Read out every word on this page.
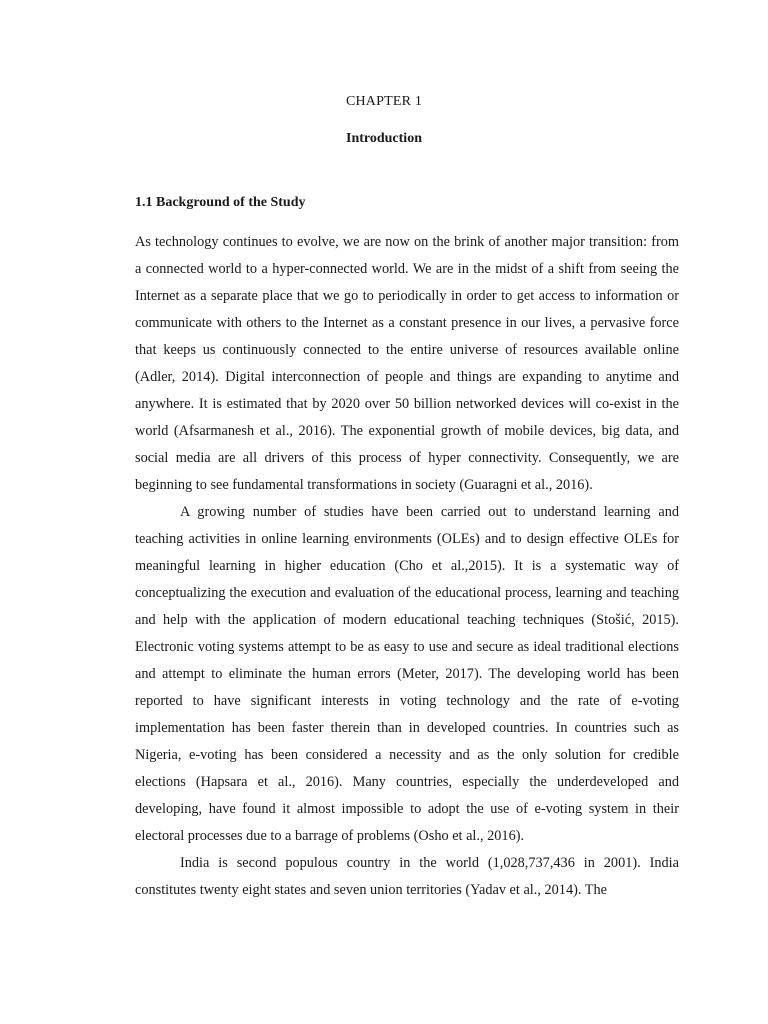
CHAPTER 1
Introduction
1.1 Background of the Study

As technology continues to evolve, we are now on the brink of another major transition: from a connected world to a hyper-connected world. We are in the midst of a shift from seeing the Internet as a separate place that we go to periodically in order to get access to information or communicate with others to the Internet as a constant presence in our lives, a pervasive force that keeps us continuously connected to the entire universe of resources available online (Adler, 2014). Digital interconnection of people and things are expanding to anytime and anywhere. It is estimated that by 2020 over 50 billion networked devices will co-exist in the world (Afsarmanesh et al., 2016). The exponential growth of mobile devices, big data, and social media are all drivers of this process of hyper connectivity. Consequently, we are beginning to see fundamental transformations in society (Guaragni et al., 2016).

A growing number of studies have been carried out to understand learning and teaching activities in online learning environments (OLEs) and to design effective OLEs for meaningful learning in higher education (Cho et al.,2015). It is a systematic way of conceptualizing the execution and evaluation of the educational process, learning and teaching and help with the application of modern educational teaching techniques (Stošić, 2015). Electronic voting systems attempt to be as easy to use and secure as ideal traditional elections and attempt to eliminate the human errors (Meter, 2017). The developing world has been reported to have significant interests in voting technology and the rate of e-voting implementation has been faster therein than in developed countries. In countries such as Nigeria, e-voting has been considered a necessity and as the only solution for credible elections (Hapsara et al., 2016). Many countries, especially the underdeveloped and developing, have found it almost impossible to adopt the use of e-voting system in their electoral processes due to a barrage of problems (Osho et al., 2016).

India is second populous country in the world (1,028,737,436 in 2001). India constitutes twenty eight states and seven union territories (Yadav et al., 2014). The
